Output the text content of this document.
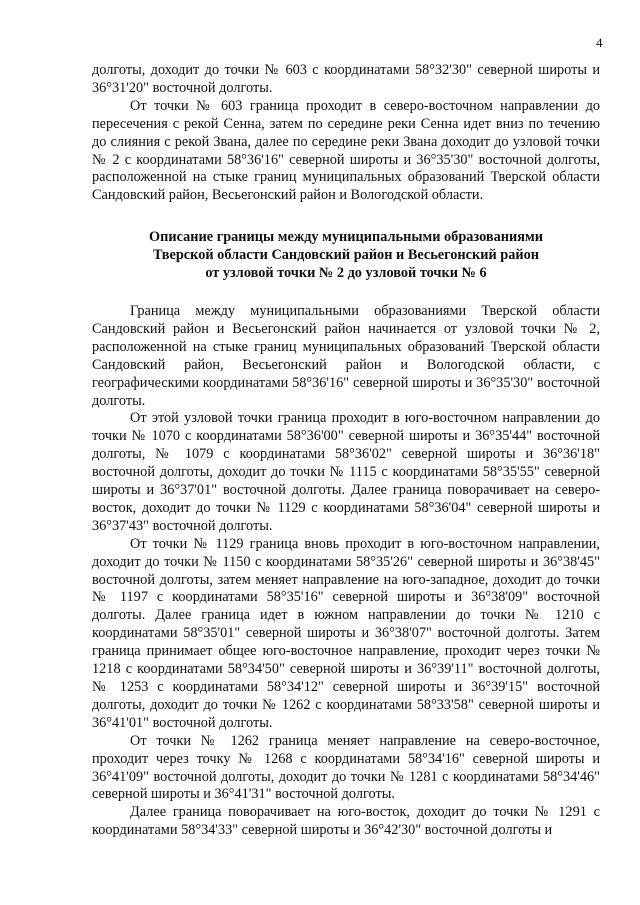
4

долготы, доходит до точки № 603 с координатами 58°32'30" северной широты и 36°31'20" восточной долготы.

От точки № 603 граница проходит в северо-восточном направлении до пересечения с рекой Сенна, затем по середине реки Сенна идет вниз по течению до слияния с рекой Звана, далее по середине реки Звана доходит до узловой точки № 2 с координатами 58°36'16" северной широты и 36°35'30" восточной долготы, расположенной на стыке границ муниципальных образований Тверской области Сандовский район, Весьегонский район и Вологодской области.

Описание границы между муниципальными образованиями
Тверской области Сандовский район и Весьегонский район
от узловой точки № 2 до узловой точки № 6

Граница между муниципальными образованиями Тверской области Сандовский район и Весьегонский район начинается от узловой точки № 2, расположенной на стыке границ муниципальных образований Тверской области Сандовский район, Весьегонский район и Вологодской области, с географическими координатами 58°36'16" северной широты и 36°35'30" восточной долготы.

От этой узловой точки граница проходит в юго-восточном направлении до точки № 1070 с координатами 58°36'00" северной широты и 36°35'44" восточной долготы, № 1079 с координатами 58°36'02" северной широты и 36°36'18" восточной долготы, доходит до точки № 1115 с координатами 58°35'55" северной широты и 36°37'01" восточной долготы. Далее граница поворачивает на северо-восток, доходит до точки № 1129 с координатами 58°36'04" северной широты и 36°37'43" восточной долготы.

От точки № 1129 граница вновь проходит в юго-восточном направлении, доходит до точки № 1150 с координатами 58°35'26" северной широты и 36°38'45" восточной долготы, затем меняет направление на юго-западное, доходит до точки № 1197 с координатами 58°35'16" северной широты и 36°38'09" восточной долготы. Далее граница идет в южном направлении до точки № 1210 с координатами 58°35'01" северной широты и 36°38'07" восточной долготы. Затем граница принимает общее юго-восточное направление, проходит через точки № 1218 с координатами 58°34'50" северной широты и 36°39'11" восточной долготы, № 1253 с координатами 58°34'12" северной широты и 36°39'15" восточной долготы, доходит до точки № 1262 с координатами 58°33'58" северной широты и 36°41'01" восточной долготы.

От точки № 1262 граница меняет направление на северо-восточное, проходит через точку № 1268 с координатами 58°34'16" северной широты и 36°41'09" восточной долготы, доходит до точки № 1281 с координатами 58°34'46" северной широты и 36°41'31" восточной долготы.

Далее граница поворачивает на юго-восток, доходит до точки № 1291 с координатами 58°34'33" северной широты и 36°42'30" восточной долготы и
